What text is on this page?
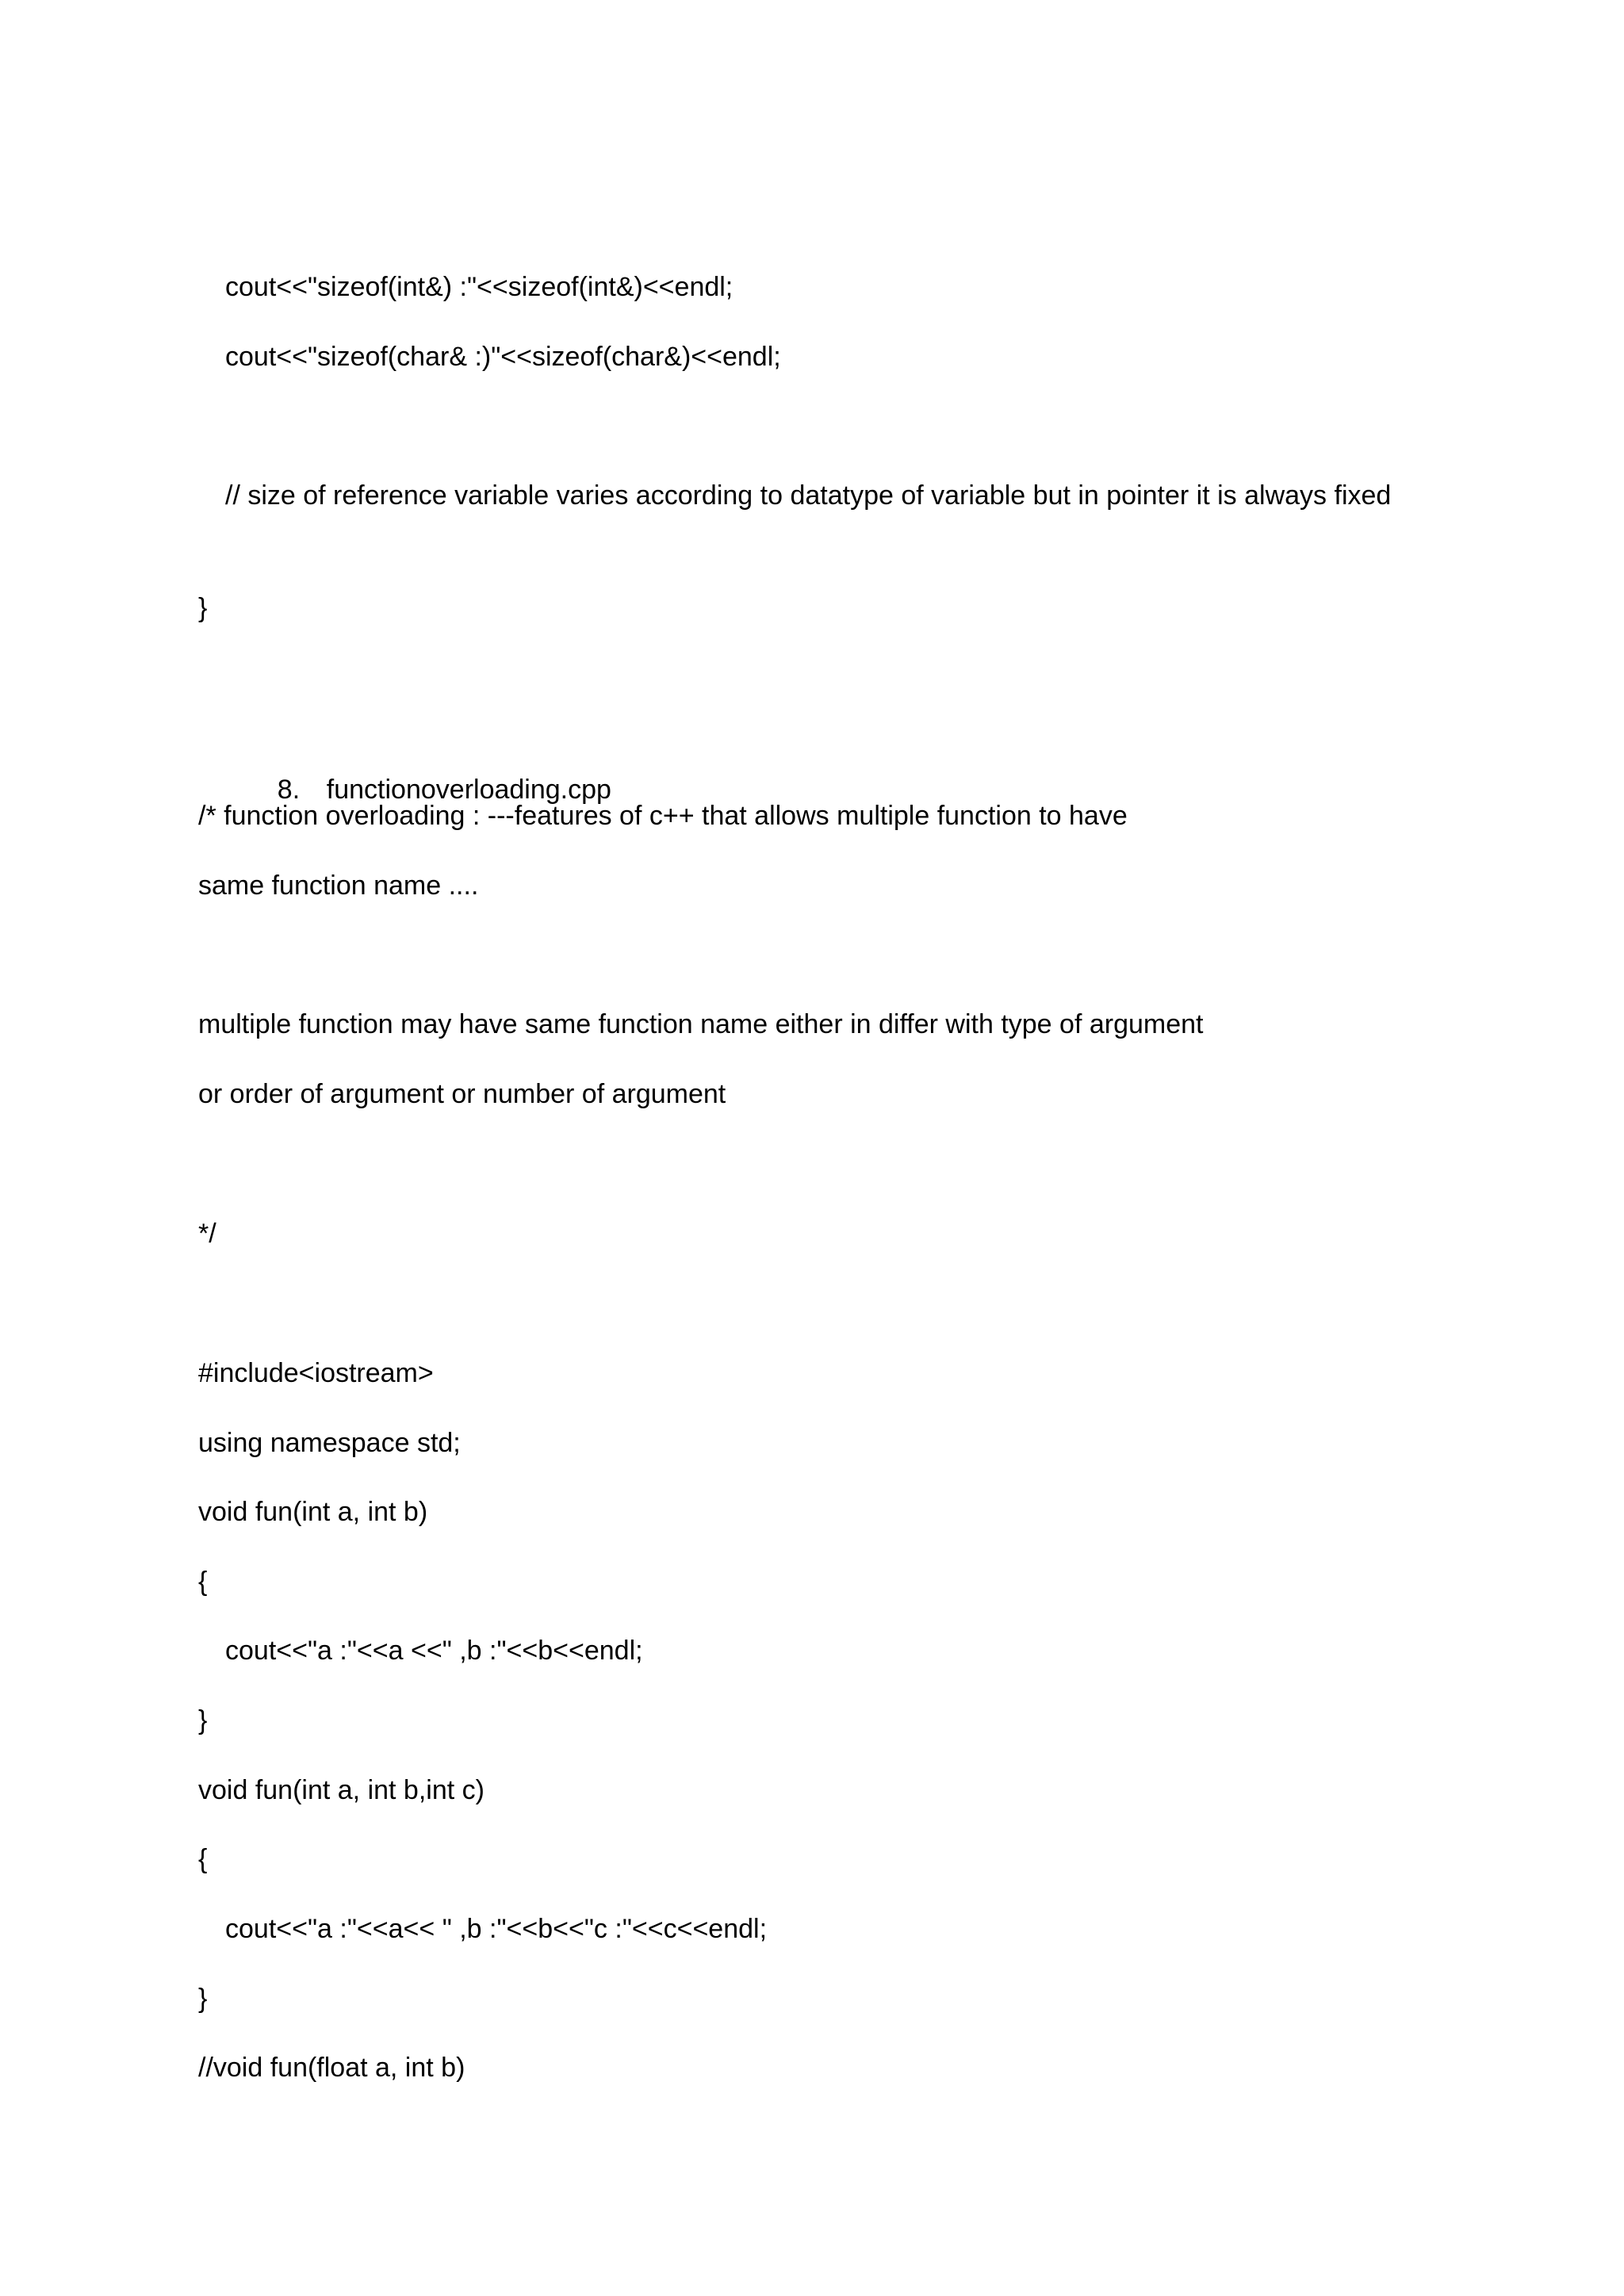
cout<<"sizeof(int&) :"<<sizeof(int&)<<endl;

cout<<"sizeof(char& :)"<<sizeof(char&)<<endl;

// size of reference variable varies according to datatype of variable but in pointer it is always fixed

}

8. functionoverloading.cpp

/* function overloading : ---features of c++ that allows multiple function to have

same function name ....

multiple function may have same function name either in differ with type of argument

or order of argument or number of argument

*/

#include<iostream>

using namespace std;

void fun(int a, int b)

{

cout<<"a :"<<a <<" ,b :"<<b<<endl;

}

void fun(int a, int b,int c)

{

cout<<"a :"<<a<< " ,b :"<<b<<"c :"<<c<<endl;

}

//void fun(float a, int b)
